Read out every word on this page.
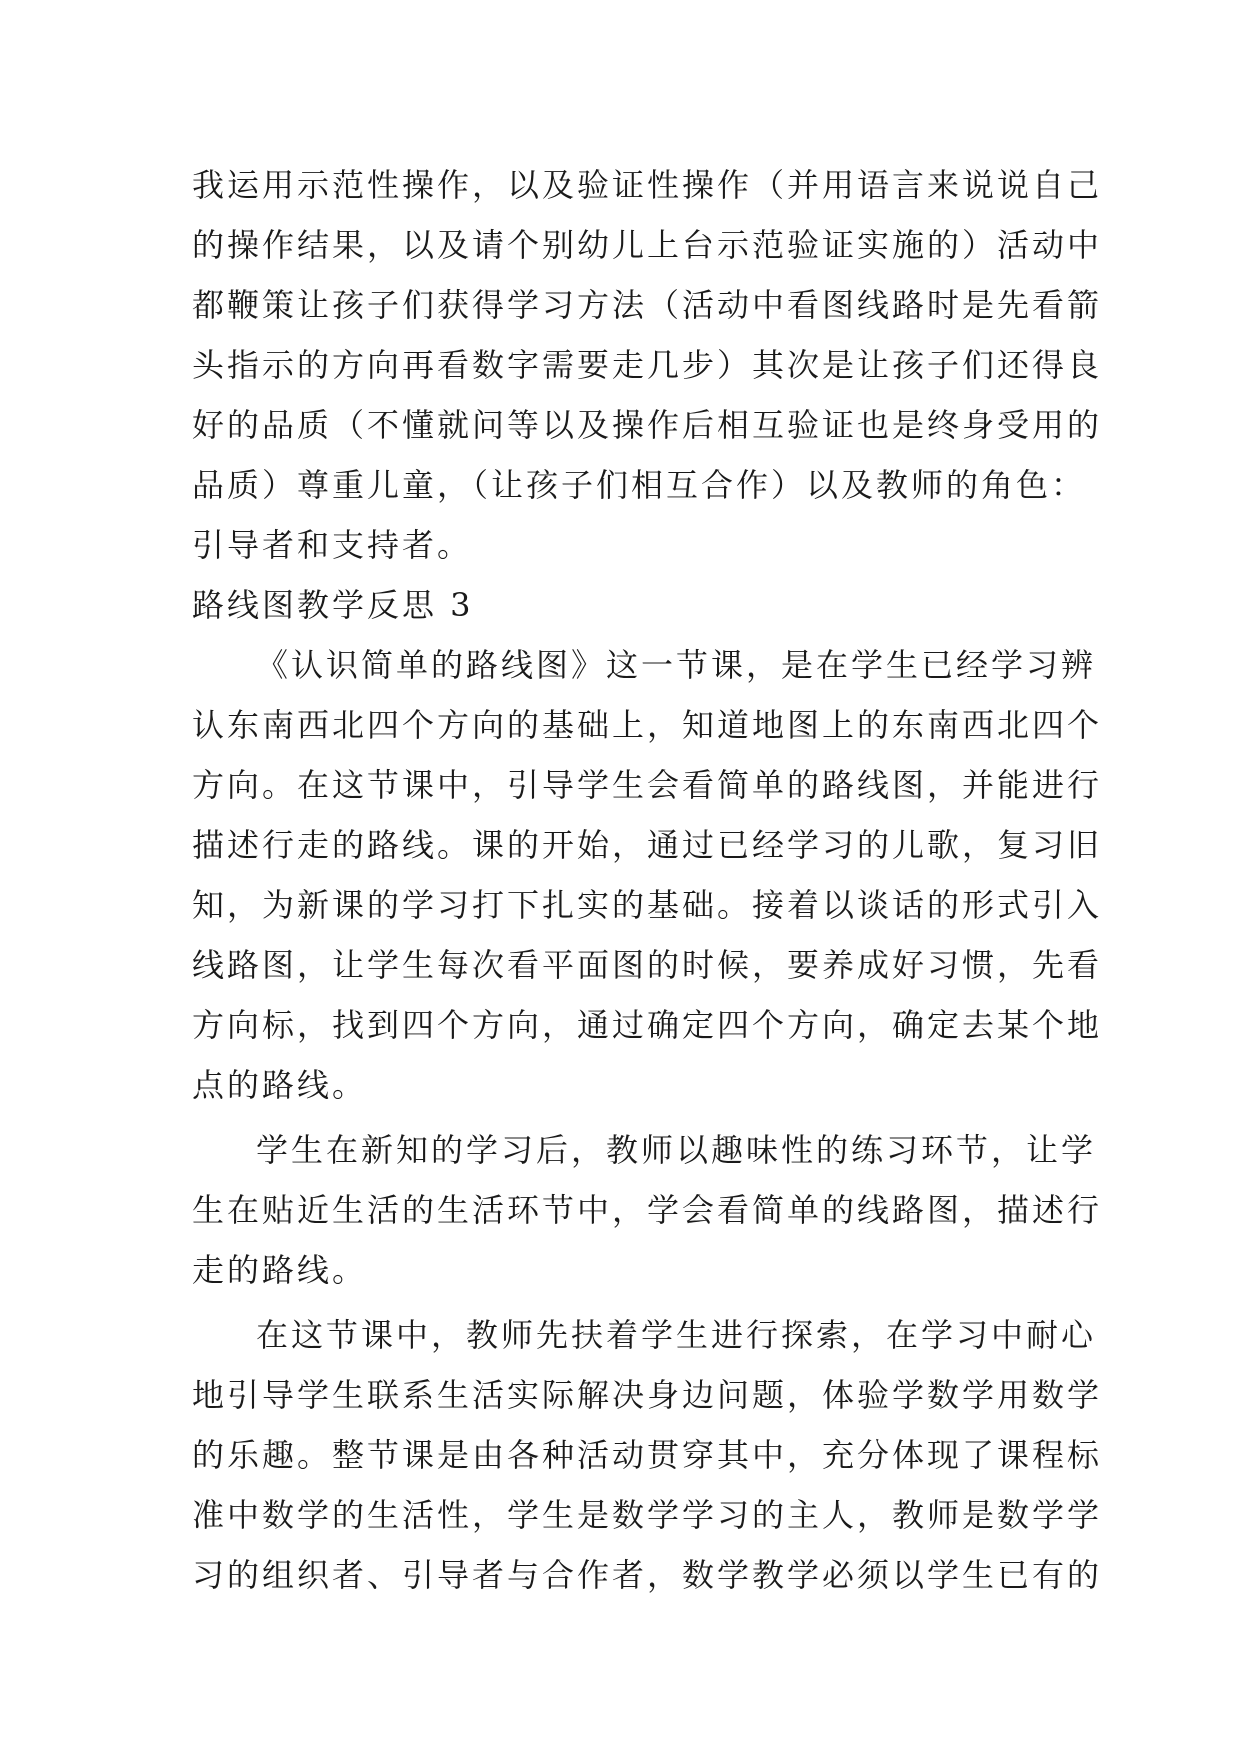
我运用示范性操作，以及验证性操作（并用语言来说说自己
的操作结果，以及请个别幼儿上台示范验证实施的）活动中
都鞭策让孩子们获得学习方法（活动中看图线路时是先看箭
头指示的方向再看数字需要走几步）其次是让孩子们还得良
好的品质（不懂就问等以及操作后相互验证也是终身受用的
品质）尊重儿童，（让孩子们相互合作）以及教师的角色：
引导者和支持者。
路线图教学反思 3
《认识简单的路线图》这一节课，是在学生已经学习辨
认东南西北四个方向的基础上，知道地图上的东南西北四个
方向。在这节课中，引导学生会看简单的路线图，并能进行
描述行走的路线。课的开始，通过已经学习的儿歌，复习旧
知，为新课的学习打下扎实的基础。接着以谈话的形式引入
线路图，让学生每次看平面图的时候，要养成好习惯，先看
方向标，找到四个方向，通过确定四个方向，确定去某个地
点的路线。
学生在新知的学习后，教师以趣味性的练习环节，让学
生在贴近生活的生活环节中，学会看简单的线路图，描述行
走的路线。
在这节课中，教师先扶着学生进行探索，在学习中耐心
地引导学生联系生活实际解决身边问题，体验学数学用数学
的乐趣。整节课是由各种活动贯穿其中，充分体现了课程标
准中数学的生活性，学生是数学学习的主人，教师是数学学
习的组织者、引导者与合作者，数学教学必须以学生已有的
